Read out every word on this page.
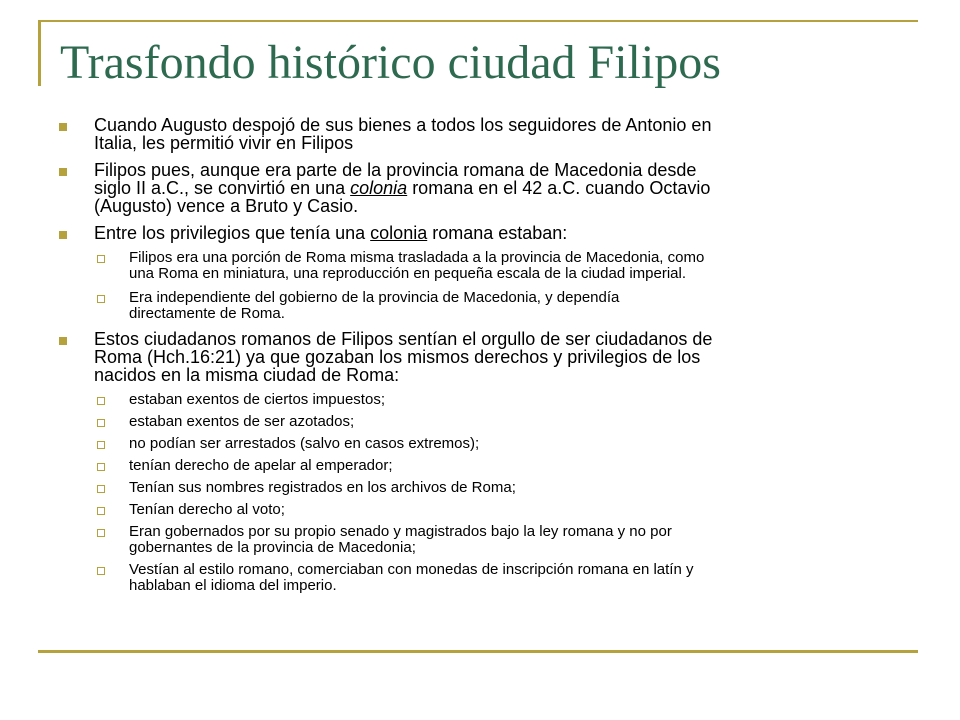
Trasfondo histórico ciudad Filipos
Cuando Augusto despojó de sus bienes a todos los seguidores de Antonio en
Italia, les permitió vivir en Filipos
Filipos pues, aunque era parte de la provincia romana de Macedonia desde
siglo II a.C., se convirtió en una colonia romana en el 42 a.C. cuando Octavio
(Augusto) vence a Bruto y Casio.
Entre los privilegios que tenía una colonia romana estaban:
Filipos era una porción de Roma misma trasladada a la provincia de Macedonia, como
una Roma en miniatura, una reproducción en pequeña escala de la ciudad imperial.
Era independiente del gobierno de la provincia de Macedonia, y dependía
directamente de Roma.
Estos ciudadanos romanos de Filipos sentían el orgullo de ser ciudadanos de
Roma (Hch.16:21) ya que gozaban los mismos derechos y privilegios de los
nacidos en la misma ciudad de Roma:
estaban exentos de ciertos impuestos;
estaban exentos de ser azotados;
no podían ser arrestados (salvo en casos extremos);
tenían derecho de apelar al emperador;
Tenían sus nombres registrados en los archivos de Roma;
Tenían derecho al voto;
Eran gobernados por su propio senado y magistrados bajo la ley romana y no por
gobernantes de la provincia de Macedonia;
Vestían al estilo romano, comerciaban con monedas de inscripción romana en latín y
hablaban el idioma del imperio.
